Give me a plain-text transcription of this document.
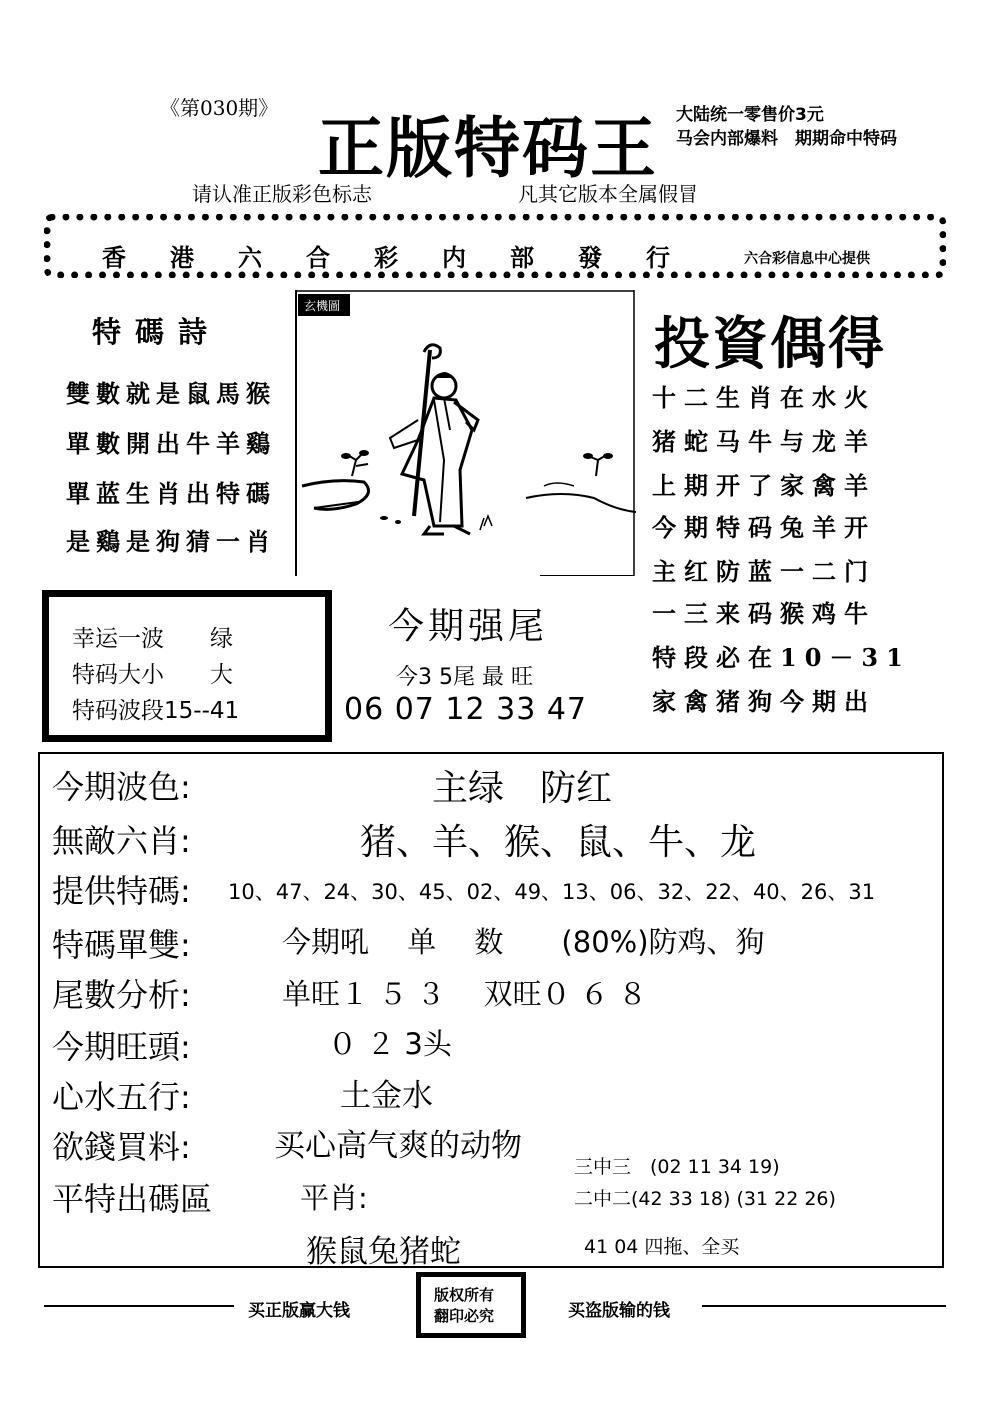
《第030期》
正版特码王 大陆统一零售价3元
马会内部爆料　期期命中特码
请认准正版彩色标志	凡其它版本全属假冒
香港六合彩内部發行 六合彩信息中心提供
特碼詩
雙數就是鼠馬猴
單數開出牛羊鷄
單蓝生肖出特碼
是鷄是狗猜一肖
玄機圖
投資偶得
十二生肖在水火
猪蛇马牛与龙羊
上期开了家禽羊
今期特码兔羊开
主红防蓝一二门
一三来码猴鸡牛
特段必在10－31
家禽猪狗今期出
幸运一波　　绿
特码大小　　大
特码波段15--41
今期强尾
今3 5尾 最 旺
06 07 12 33 47
今期波色:	主绿　防红
無敵六肖:	猪、羊、猴、鼠、牛、龙
提供特碼: 10、47、24、30、45、02、49、13、06、32、22、40、26、31
特碼單雙:	今期吼　 单　 数　　(80%)防鸡、狗
尾數分析:	单旺１ ５ ３　 双旺０ ６ ８
今期旺頭:	０ ２ 3头
心水五行:	土金水
欲錢買料:	买心高气爽的动物
平特出碼區	平肖:
猴鼠兔猪蛇
三中三　(02 11 34 19)
二中二(42 33 18) (31 22 26)
41 04 四拖、全买
买正版赢大钱
版权所有
翻印必究	买盗版输的钱
